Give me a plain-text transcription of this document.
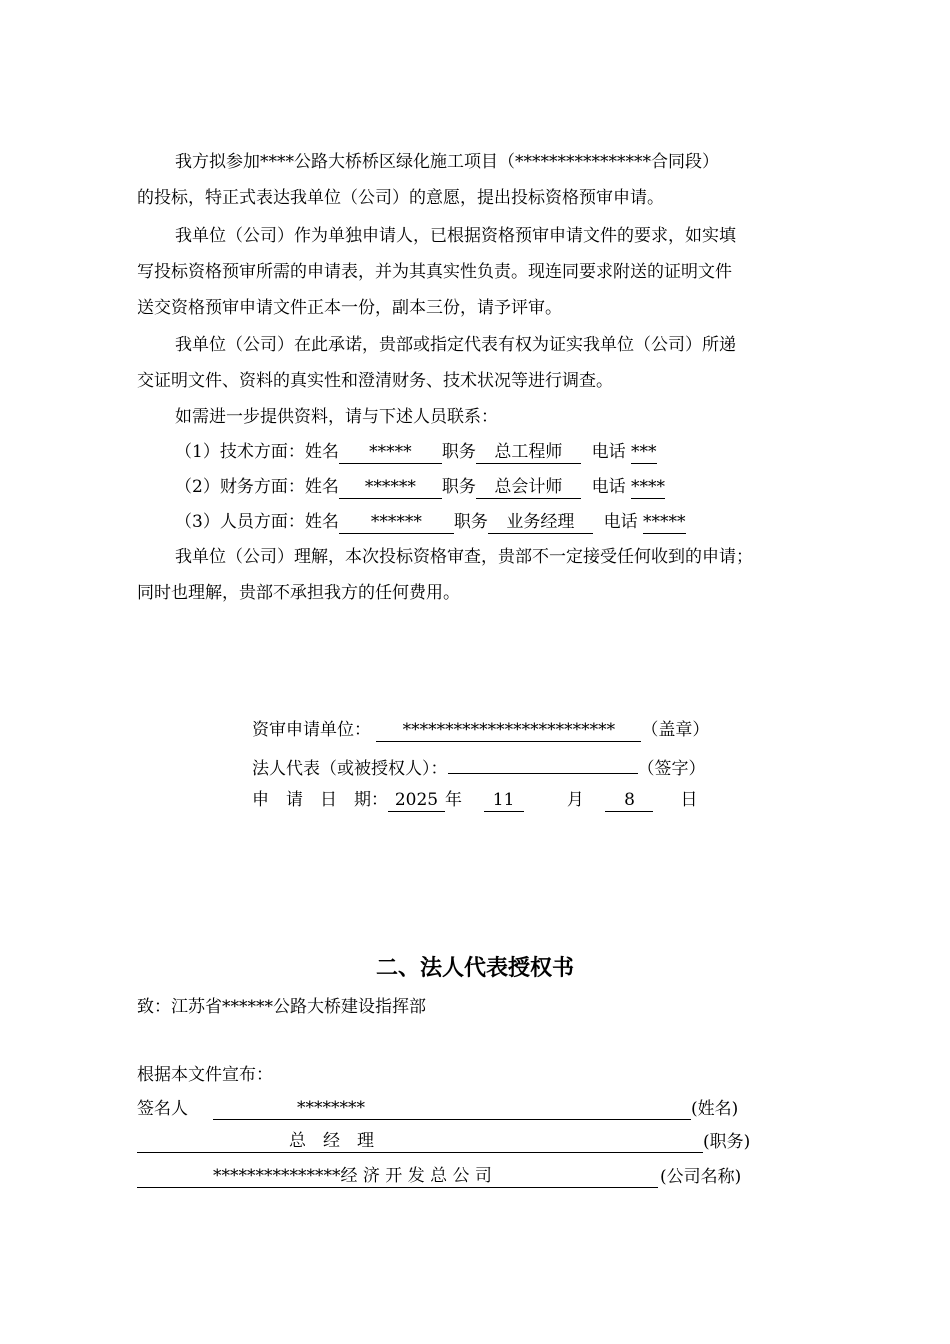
我方拟参加****公路大桥桥区绿化施工项目（****************合同段）
的投标，特正式表达我单位（公司）的意愿，提出投标资格预审申请。
我单位（公司）作为单独申请人，已根据资格预审申请文件的要求，如实填
写投标资格预审所需的申请表，并为其真实性负责。现连同要求附送的证明文件
送交资格预审申请文件正本一份，副本三份，请予评审。
我单位（公司）在此承诺，贵部或指定代表有权为证实我单位（公司）所递
交证明文件、资料的真实性和澄清财务、技术状况等进行调查。
如需进一步提供资料，请与下述人员联系：
（1）技术方面：姓名 ***** 职务 总工程师 电话 ***
（2）财务方面：姓名 ****** 职务 总会计师 电话 ****
（3）人员方面：姓名 ****** 职务 业务经理 电话 *****
我单位（公司）理解，本次投标资格审查，贵部不一定接受任何收到的申请；
同时也理解，贵部不承担我方的任何费用。
资审申请单位： ************************* （盖章）
法人代表（或被授权人）：	（签字）
申　请　日　期： 2025 年 11	月 8	日
二、法人代表授权书
致：江苏省******公路大桥建设指挥部
根据本文件宣布：
签名人	********	(姓名)
总　经　理	(职务)
***************经 济 开 发 总 公 司	(公司名称)
